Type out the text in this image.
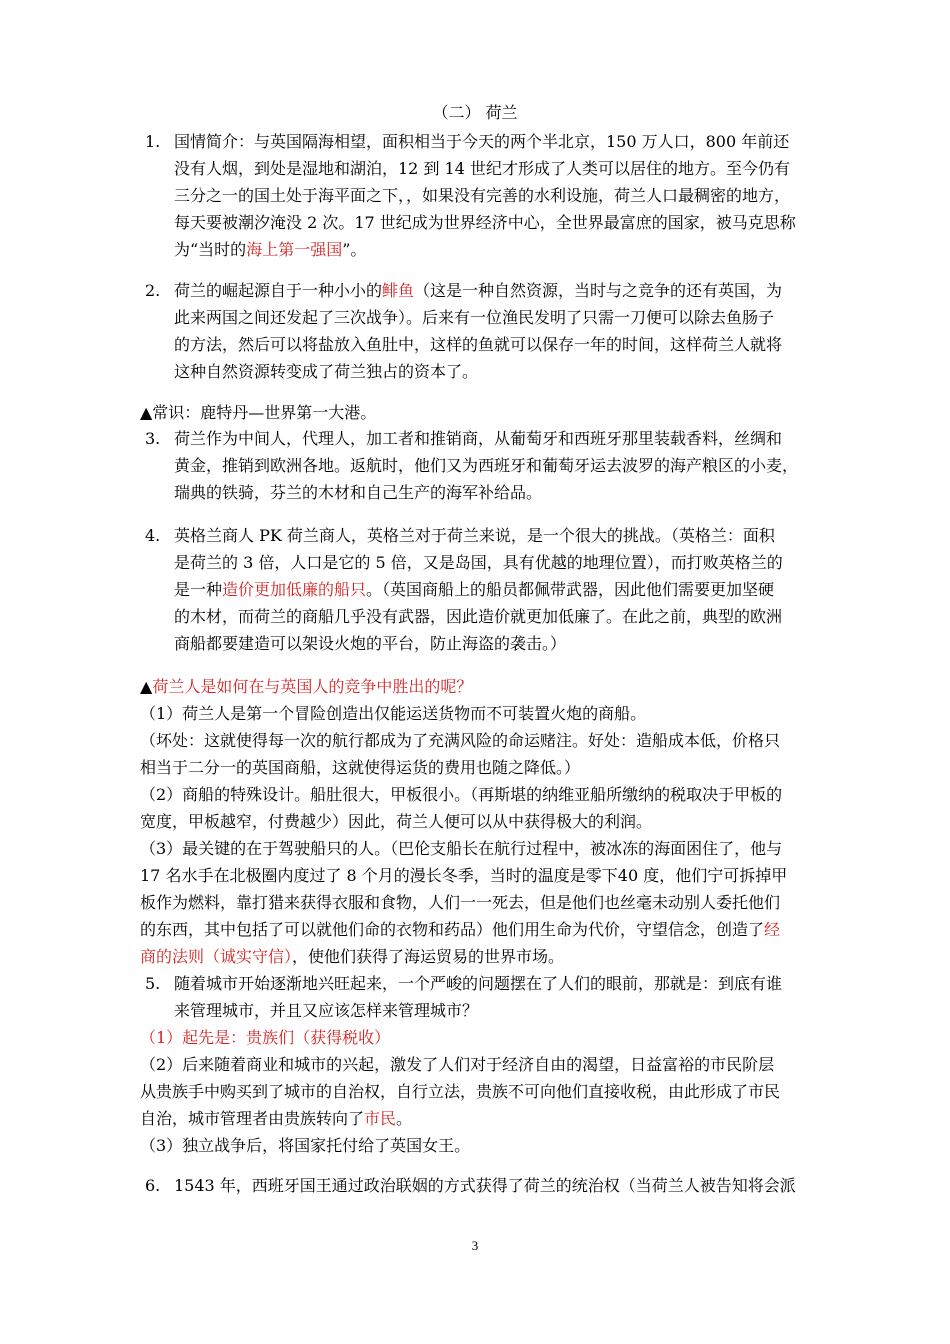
（二） 荷兰
1. 国情简介：与英国隔海相望，面积相当于今天的两个半北京，150 万人口，800 年前还
没有人烟，到处是湿地和湖泊，12 到 14 世纪才形成了人类可以居住的地方。至今仍有
三分之一的国土处于海平面之下，，如果没有完善的水利设施，荷兰人口最稠密的地方，
每天要被潮汐淹没 2 次。17 世纪成为世界经济中心，全世界最富庶的国家，被马克思称
为“当时的海上第一强国”。
2. 荷兰的崛起源自于一种小小的鲱鱼（这是一种自然资源，当时与之竞争的还有英国，为
此来两国之间还发起了三次战争）。后来有一位渔民发明了只需一刀便可以除去鱼肠子
的方法，然后可以将盐放入鱼肚中，这样的鱼就可以保存一年的时间，这样荷兰人就将
这种自然资源转变成了荷兰独占的资本了。
▲常识：鹿特丹—世界第一大港。
3. 荷兰作为中间人，代理人，加工者和推销商，从葡萄牙和西班牙那里装载香料，丝绸和
黄金，推销到欧洲各地。返航时，他们又为西班牙和葡萄牙运去波罗的海产粮区的小麦，
瑞典的铁骑，芬兰的木材和自己生产的海军补给品。
4. 英格兰商人 PK 荷兰商人，英格兰对于荷兰来说，是一个很大的挑战。（英格兰：面积
是荷兰的 3 倍，人口是它的 5 倍，又是岛国，具有优越的地理位置），而打败英格兰的
是一种造价更加低廉的船只。（英国商船上的船员都佩带武器，因此他们需要更加坚硬
的木材，而荷兰的商船几乎没有武器，因此造价就更加低廉了。在此之前，典型的欧洲
商船都要建造可以架设火炮的平台，防止海盗的袭击。）
▲荷兰人是如何在与英国人的竞争中胜出的呢？
（1）荷兰人是第一个冒险创造出仅能运送货物而不可装置火炮的商船。
（坏处：这就使得每一次的航行都成为了充满风险的命运赌注。好处：造船成本低，价格只
相当于二分一的英国商船，这就使得运货的费用也随之降低。）
（2）商船的特殊设计。船肚很大，甲板很小。（再斯堪的纳维亚船所缴纳的税取决于甲板的
宽度，甲板越窄，付费越少）因此，荷兰人便可以从中获得极大的利润。
（3）最关键的在于驾驶船只的人。（巴伦支船长在航行过程中，被冰冻的海面困住了，他与
17 名水手在北极圈内度过了 8 个月的漫长冬季，当时的温度是零下40 度，他们宁可拆掉甲
板作为燃料，靠打猎来获得衣服和食物，人们一一死去，但是他们也丝毫未动别人委托他们
的东西，其中包括了可以就他们命的衣物和药品）他们用生命为代价，守望信念，创造了经
商的法则（诚实守信），使他们获得了海运贸易的世界市场。
5. 随着城市开始逐渐地兴旺起来，一个严峻的问题摆在了人们的眼前，那就是：到底有谁
来管理城市，并且又应该怎样来管理城市？
（1）起先是：贵族们（获得税收）
（2）后来随着商业和城市的兴起，激发了人们对于经济自由的渴望，日益富裕的市民阶层
从贵族手中购买到了城市的自治权，自行立法，贵族不可向他们直接收税，由此形成了市民
自治，城市管理者由贵族转向了市民。
（3）独立战争后，将国家托付给了英国女王。
6. 1543 年，西班牙国王通过政治联姻的方式获得了荷兰的统治权（当荷兰人被告知将会派
3
